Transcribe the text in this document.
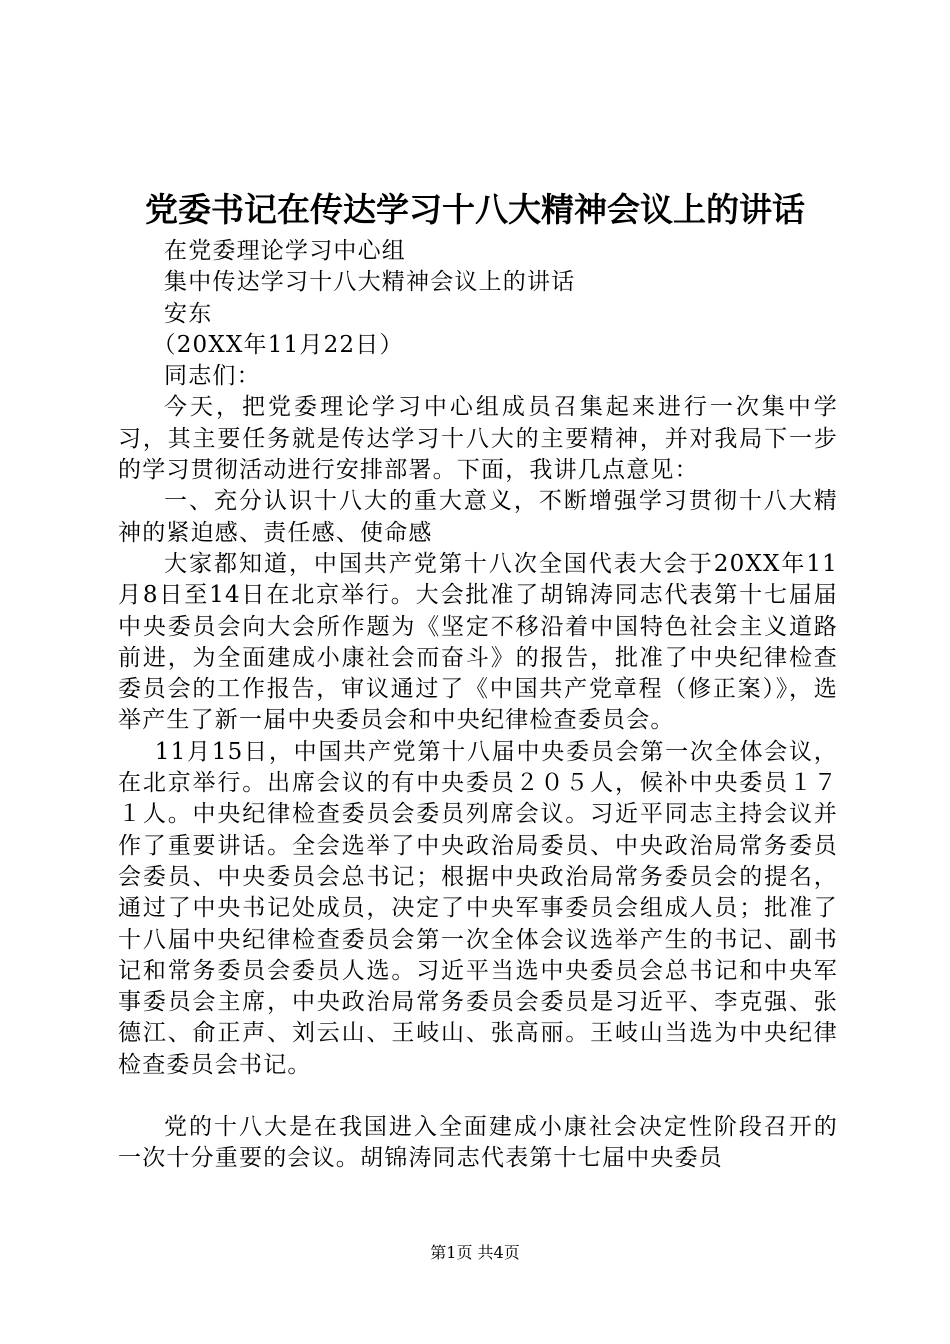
党委书记在传达学习十八大精神会议上的讲话

在党委理论学习中心组

集中传达学习十八大精神会议上的讲话

安东

（20XX年11月22日）

同志们：

今天，把党委理论学习中心组成员召集起来进行一次集中学习，其主要任务就是传达学习十八大的主要精神，并对我局下一步的学习贯彻活动进行安排部署。下面，我讲几点意见：

一、充分认识十八大的重大意义，不断增强学习贯彻十八大精神的紧迫感、责任感、使命感

大家都知道，中国共产党第十八次全国代表大会于20XX年11月8日至14日在北京举行。大会批准了胡锦涛同志代表第十七届届中央委员会向大会所作题为《坚定不移沿着中国特色社会主义道路前进，为全面建成小康社会而奋斗》的报告，批准了中央纪律检查委员会的工作报告，审议通过了《中国共产党章程（修正案）》，选举产生了新一届中央委员会和中央纪律检查委员会。

11月15日，中国共产党第十八届中央委员会第一次全体会议，在北京举行。出席会议的有中央委员２０５人，候补中央委员１７１人。中央纪律检查委员会委员列席会议。习近平同志主持会议并作了重要讲话。全会选举了中央政治局委员、中央政治局常务委员会委员、中央委员会总书记；根据中央政治局常务委员会的提名，通过了中央书记处成员，决定了中央军事委员会组成人员；批准了十八届中央纪律检查委员会第一次全体会议选举产生的书记、副书记和常务委员会委员人选。习近平当选中央委员会总书记和中央军事委员会主席，中央政治局常务委员会委员是习近平、李克强、张德江、俞正声、刘云山、王岐山、张高丽。王岐山当选为中央纪律检查委员会书记。

党的十八大是在我国进入全面建成小康社会决定性阶段召开的一次十分重要的会议。胡锦涛同志代表第十七届中央委员

第1页 共4页
